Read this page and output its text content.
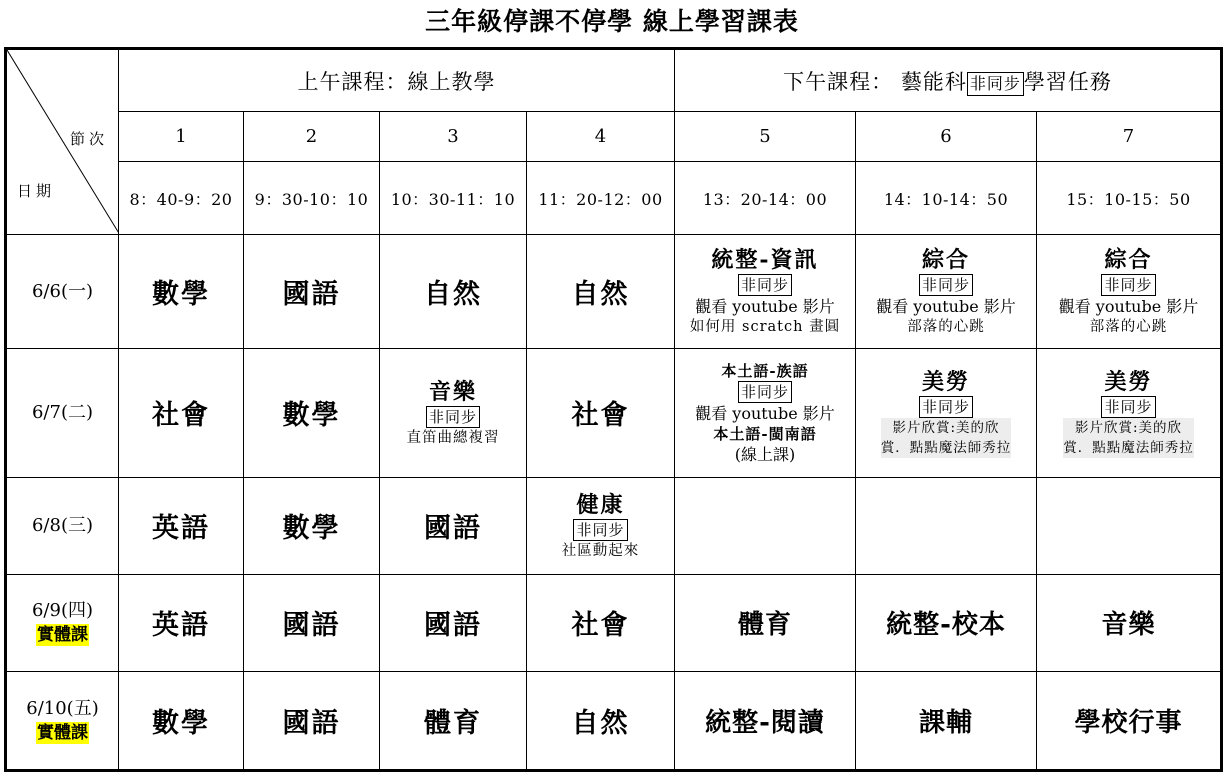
三年級停課不停學 線上學習課表
節次
日期	上午課程：線上教學				下午課程： 藝能科 非同步 學習任務		
	1	2	3	4	5	6	7
	8：40-9：20	9：30-10：10	10：30-11：10	11：20-12：00	13：20-14：00	14：10-14：50	15：10-15：50
6/6(一)	數學	國語	自然	自然	統整-資訊
非同步
觀看 youtube 影片
如何用 scratch 畫圓	綜合
非同步
觀看 youtube 影片
部落的心跳	綜合
非同步
觀看 youtube 影片
部落的心跳

6/7(二)	社會	數學	音樂
非同步
直笛曲總複習	社會	本土語-族語
非同步
觀看 youtube 影片
本土語-閩南語
(線上課)	美勞
非同步
影片欣賞:美的欣
賞．點點魔法師秀拉	美勞
非同步
影片欣賞:美的欣
賞．點點魔法師秀拉

6/8(三)	英語	數學	國語	健康
非同步
社區動起來			

6/9(四)
實體課	英語	國語	國語	社會	體育	統整-校本	音樂

6/10(五)
實體課	數學	國語	體育	自然	統整-閱讀	課輔	學校行事
